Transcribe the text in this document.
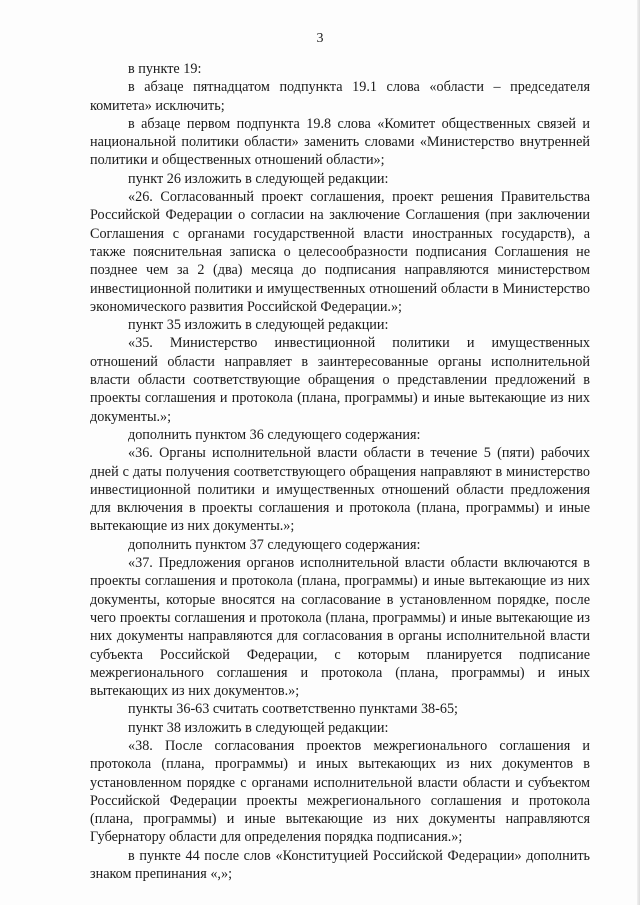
3

в пункте 19:

в абзаце пятнадцатом подпункта 19.1 слова «области – председателя комитета» исключить;

в абзаце первом подпункта 19.8 слова «Комитет общественных связей и национальной политики области» заменить словами «Министерство внутренней политики и общественных отношений области»;

пункт 26 изложить в следующей редакции:

«26. Согласованный проект соглашения, проект решения Правительства Российской Федерации о согласии на заключение Соглашения (при заключении Соглашения с органами государственной власти иностранных государств), а также пояснительная записка о целесообразности подписания Соглашения не позднее чем за 2 (два) месяца до подписания направляются министерством инвестиционной политики и имущественных отношений области в Министерство экономического развития Российской Федерации.»;

пункт 35 изложить в следующей редакции:

«35. Министерство инвестиционной политики и имущественных отношений области направляет в заинтересованные органы исполнительной власти области соответствующие обращения о представлении предложений в проекты соглашения и протокола (плана, программы) и иные вытекающие из них документы.»;

дополнить пунктом 36 следующего содержания:

«36. Органы исполнительной власти области в течение 5 (пяти) рабочих дней с даты получения соответствующего обращения направляют в министерство инвестиционной политики и имущественных отношений области предложения для включения в проекты соглашения и протокола (плана, программы) и иные вытекающие из них документы.»;

дополнить пунктом 37 следующего содержания:

«37. Предложения органов исполнительной власти области включаются в проекты соглашения и протокола (плана, программы) и иные вытекающие из них документы, которые вносятся на согласование в установленном порядке, после чего проекты соглашения и протокола (плана, программы) и иные вытекающие из них документы направляются для согласования в органы исполнительной власти субъекта Российской Федерации, с которым планируется подписание межрегионального соглашения и протокола (плана, программы) и иных вытекающих из них документов.»;

пункты 36-63 считать соответственно пунктами 38-65;

пункт 38 изложить в следующей редакции:

«38. После согласования проектов межрегионального соглашения и протокола (плана, программы) и иных вытекающих из них документов в установленном порядке с органами исполнительной власти области и субъектом Российской Федерации проекты межрегионального соглашения и протокола (плана, программы) и иные вытекающие из них документы направляются Губернатору области для определения порядка подписания.»;

в пункте 44 после слов «Конституцией Российской Федерации» дополнить знаком препинания «,»;
